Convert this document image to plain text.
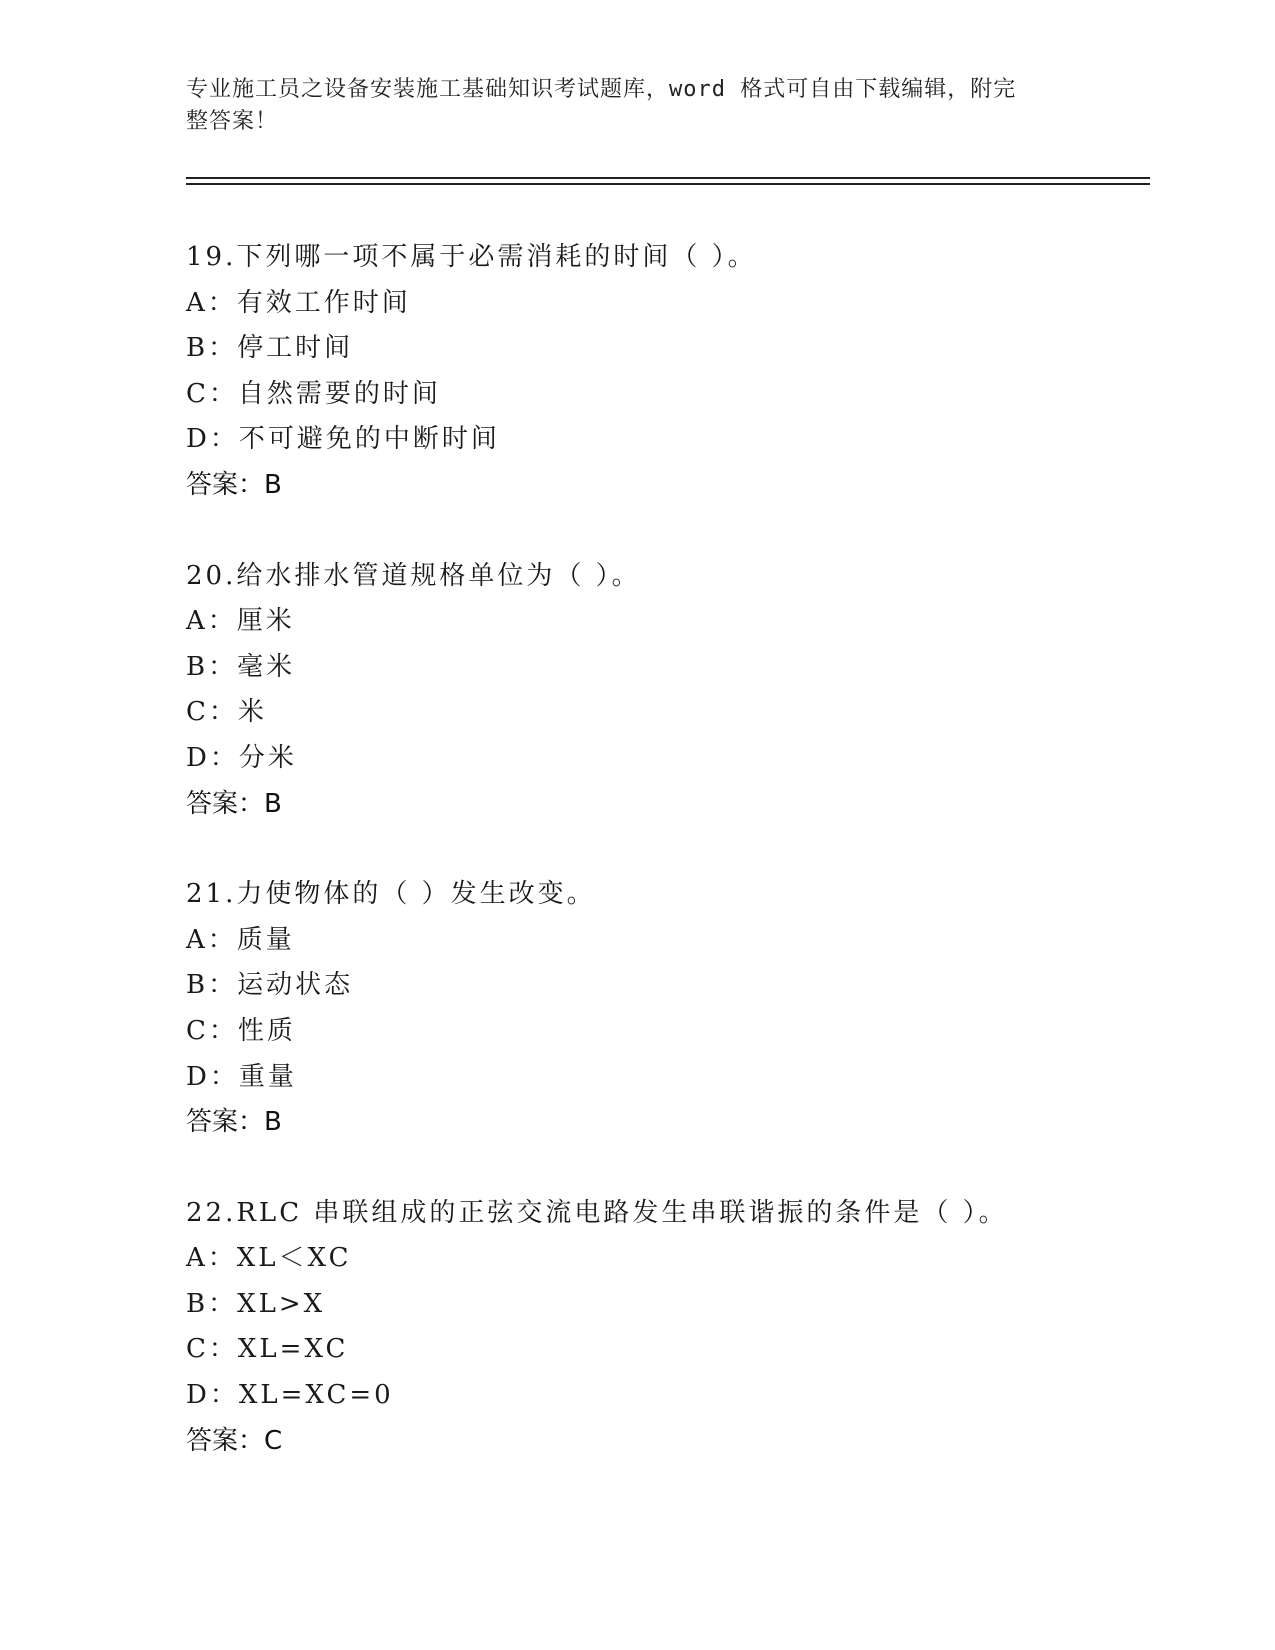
专业施工员之设备安装施工基础知识考试题库，word 格式可自由下载编辑，附完
整答案！
19.下列哪一项不属于必需消耗的时间（ ）。
A：有效工作时间
B：停工时间
C：自然需要的时间
D：不可避免的中断时间
答案：B
20.给水排水管道规格单位为（ ）。
A：厘米
B：毫米
C：米
D：分米
答案：B
21.力使物体的（ ）发生改变。
A：质量
B：运动状态
C：性质
D：重量
答案：B
22.RLC 串联组成的正弦交流电路发生串联谐振的条件是（ ）。
A：XL＜XC
B：XL>X
C：XL=XC
D：XL=XC=0
答案：C
